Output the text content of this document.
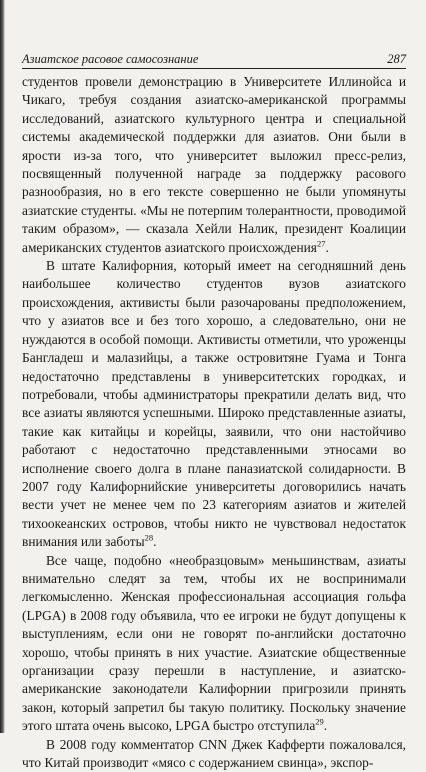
Азиатское расовое самосознание	287

студентов провели демонстрацию в Университете Иллинойса и Чикаго, требуя создания азиатско-американской программы исследований, азиатского культурного центра и специальной системы академической поддержки для азиатов. Они были в ярости из-за того, что университет выложил пресс-релиз, посвященный полученной награде за поддержку расового разнообразия, но в его тексте совершенно не были упомянуты азиатские студенты. «Мы не потерпим толерантности, проводимой таким образом», — сказала Хейли Налик, президент Коалиции американских студентов азиатского происхождения$^{27}$.

В штате Калифорния, который имеет на сегодняшний день наибольшее количество студентов вузов азиатского происхождения, активисты были разочарованы предположением, что у азиатов все и без того хорошо, а следовательно, они не нуждаются в особой помощи. Активисты отметили, что уроженцы Бангладеш и малазийцы, а также островитяне Гуама и Тонга недостаточно представлены в университетских городках, и потребовали, чтобы администраторы прекратили делать вид, что все азиаты являются успешными. Широко представленные азиаты, такие как китайцы и корейцы, заявили, что они настойчиво работают с недостаточно представленными этносами во исполнение своего долга в плане паназиатской солидарности. В 2007 году Калифорнийские университеты договорились начать вести учет не менее чем по 23 категориям азиатов и жителей тихоокеанских островов, чтобы никто не чувствовал недостаток внимания или заботы$^{28}$.

Все чаще, подобно «необразцовым» меньшинствам, азиаты внимательно следят за тем, чтобы их не воспринимали легкомысленно. Женская профессиональная ассоциация гольфа (LPGA) в 2008 году объявила, что ее игроки не будут допущены к выступлениям, если они не говорят по-английски достаточно хорошо, чтобы принять в них участие. Азиатские общественные организации сразу перешли в наступление, и азиатско-американские законодатели Калифорнии пригрозили принять закон, который запретил бы такую политику. Поскольку значение этого штата очень высоко, LPGA быстро отступила$^{29}$.

В 2008 году комментатор CNN Джек Кафферти пожаловался, что Китай производит «мясо с содержанием свинца», экспор-
